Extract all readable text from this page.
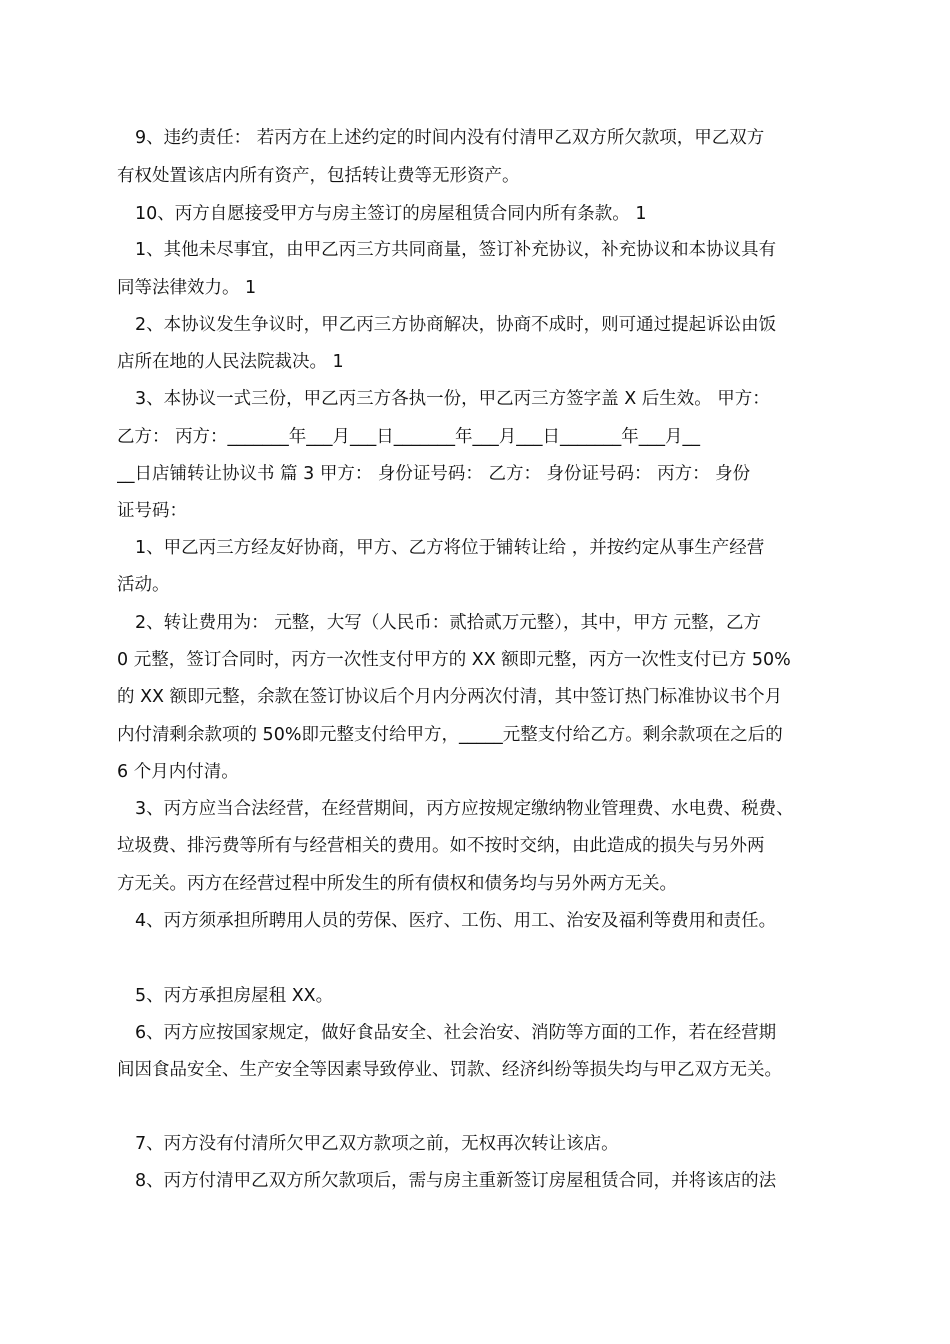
9、违约责任： 若丙方在上述约定的时间内没有付清甲乙双方所欠款项，甲乙双方
有权处置该店内所有资产，包括转让费等无形资产。
10、丙方自愿接受甲方与房主签订的房屋租赁合同内所有条款。 1
1、其他未尽事宜，由甲乙丙三方共同商量，签订补充协议，补充协议和本协议具有
同等法律效力。 1
2、本协议发生争议时，甲乙丙三方协商解决，协商不成时，则可通过提起诉讼由饭
店所在地的人民法院裁决。 1
3、本协议一式三份，甲乙丙三方各执一份，甲乙丙三方签字盖 X 后生效。 甲方：
乙方： 丙方：_______年___月___日_______年___月___日_______年___月__
__日店铺转让协议书 篇 3 甲方： 身份证号码： 乙方： 身份证号码： 丙方： 身份
证号码：
1、甲乙丙三方经友好协商，甲方、乙方将位于铺转让给 ，并按约定从事生产经营
活动。
2、转让费用为： 元整，大写（人民币：贰拾贰万元整），其中，甲方 元整，乙方
0 元整，签订合同时，丙方一次性支付甲方的 XX 额即元整，丙方一次性支付已方 50%
的 XX 额即元整，余款在签订协议后个月内分两次付清，其中签订热门标准协议书个月
内付清剩余款项的 50%即元整支付给甲方，_____元整支付给乙方。剩余款项在之后的
6 个月内付清。
3、丙方应当合法经营，在经营期间，丙方应按规定缴纳物业管理费、水电费、税费、
垃圾费、排污费等所有与经营相关的费用。如不按时交纳，由此造成的损失与另外两
方无关。丙方在经营过程中所发生的所有债权和债务均与另外两方无关。
4、丙方须承担所聘用人员的劳保、医疗、工伤、用工、治安及福利等费用和责任。
5、丙方承担房屋租 XX。
6、丙方应按国家规定，做好食品安全、社会治安、消防等方面的工作，若在经营期
间因食品安全、生产安全等因素导致停业、罚款、经济纠纷等损失均与甲乙双方无关。
7、丙方没有付清所欠甲乙双方款项之前，无权再次转让该店。
8、丙方付清甲乙双方所欠款项后，需与房主重新签订房屋租赁合同，并将该店的法
